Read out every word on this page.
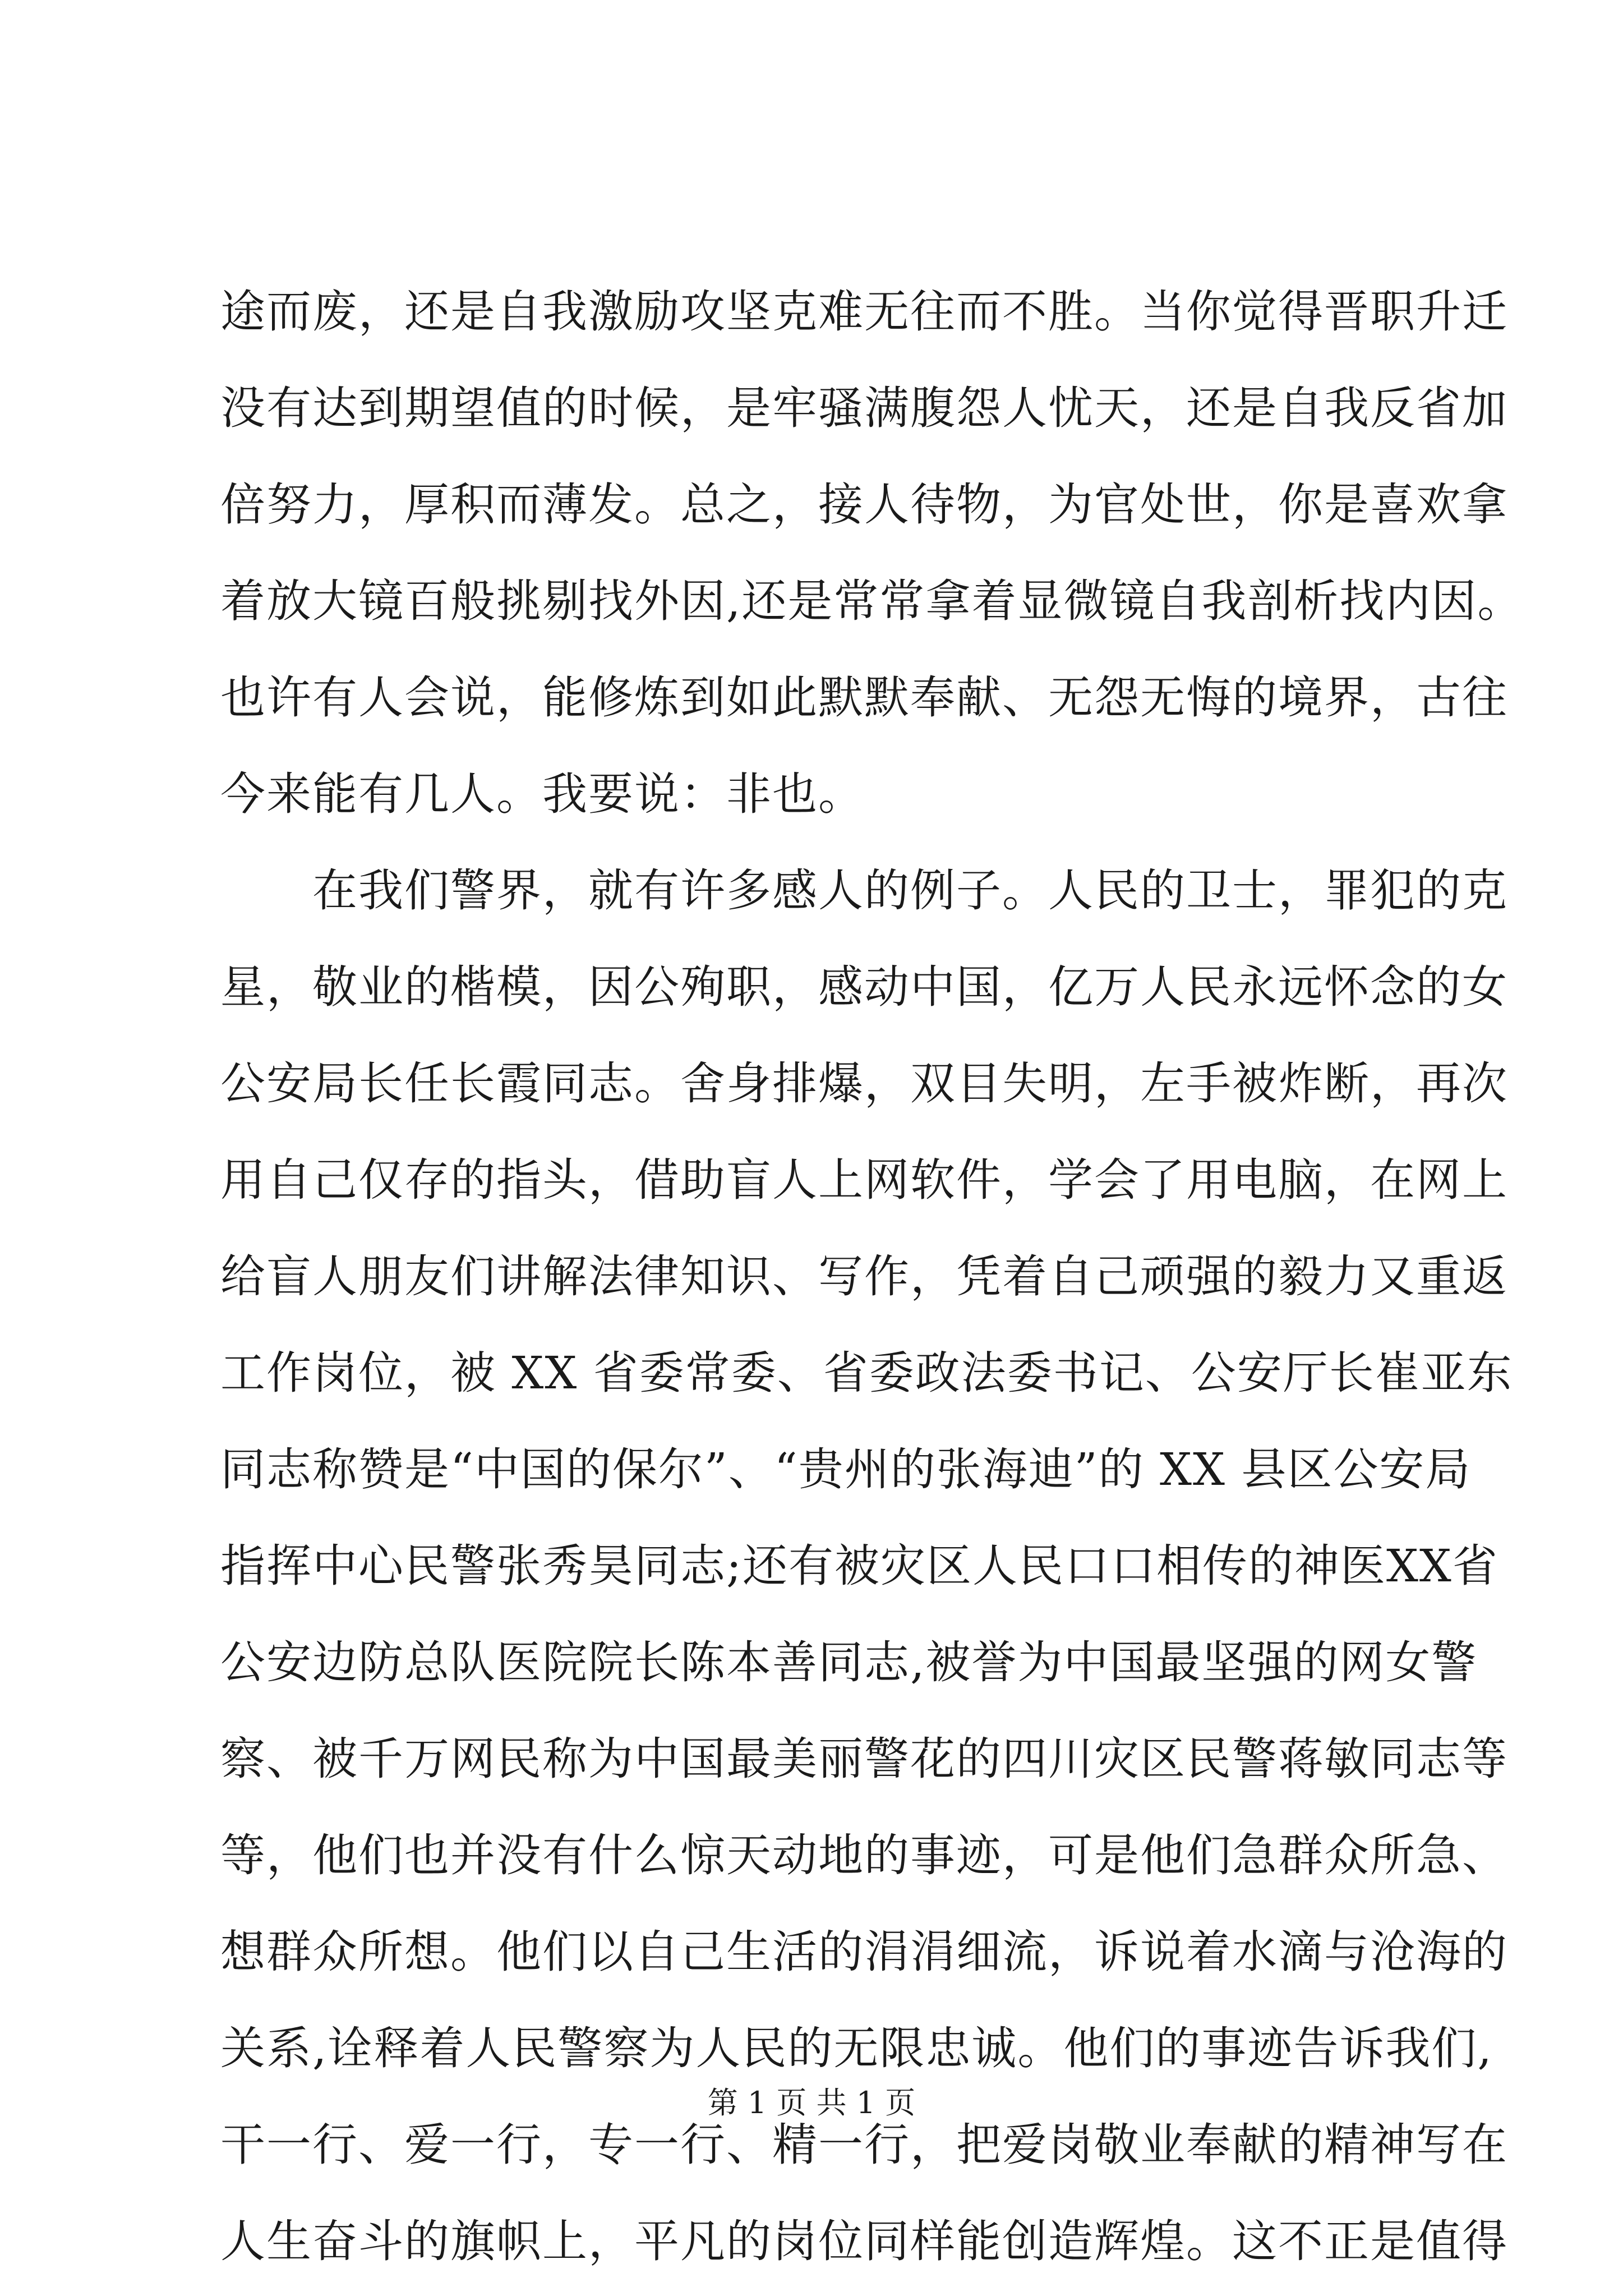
途而废，还是自我激励攻坚克难无往而不胜。当你觉得晋职升迁
没有达到期望值的时候，是牢骚满腹怨人忧天，还是自我反省加
倍努力，厚积而薄发。总之，接人待物，为官处世，你是喜欢拿
着放大镜百般挑剔找外因,还是常常拿着显微镜自我剖析找内因。
也许有人会说，能修炼到如此默默奉献、无怨无悔的境界，古往
今来能有几人。我要说：非也。
　　在我们警界，就有许多感人的例子。人民的卫士，罪犯的克
星，敬业的楷模，因公殉职，感动中国，亿万人民永远怀念的女
公安局长任长霞同志。舍身排爆，双目失明，左手被炸断，再次
用自己仅存的指头，借助盲人上网软件，学会了用电脑，在网上
给盲人朋友们讲解法律知识、写作，凭着自己顽强的毅力又重返
工作岗位，被 XX 省委常委、省委政法委书记、公安厅长崔亚东
同志称赞是“中国的保尔”、“贵州的张海迪”的 XX 县区公安局
指挥中心民警张秀昊同志;还有被灾区人民口口相传的神医XX省
公安边防总队医院院长陈本善同志,被誉为中国最坚强的网女警
察、被千万网民称为中国最美丽警花的四川灾区民警蒋敏同志等
等，他们也并没有什么惊天动地的事迹，可是他们急群众所急、
想群众所想。他们以自己生活的涓涓细流，诉说着水滴与沧海的
关系,诠释着人民警察为人民的无限忠诚。他们的事迹告诉我们,
干一行、爱一行，专一行、精一行，把爱岗敬业奉献的精神写在
人生奋斗的旗帜上，平凡的岗位同样能创造辉煌。这不正是值得
第 1 页 共 1 页
